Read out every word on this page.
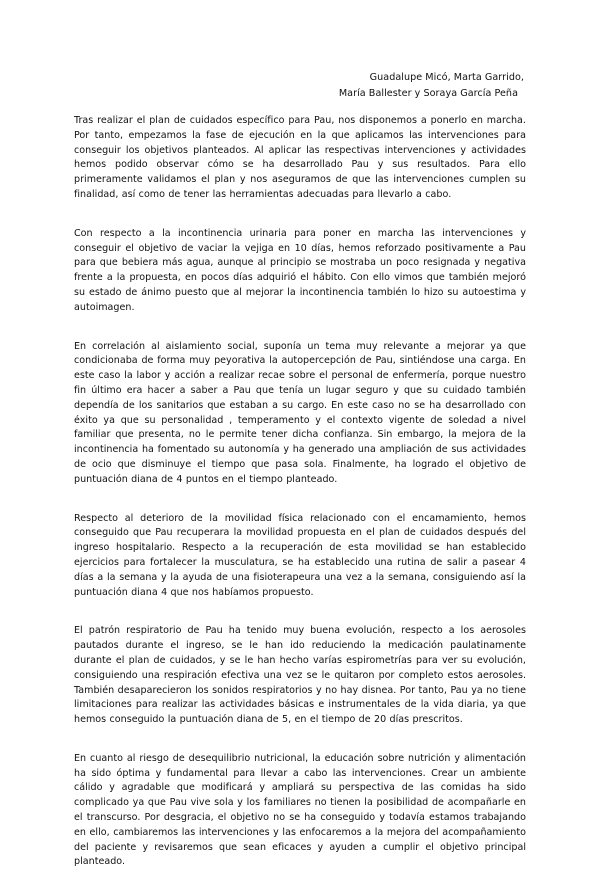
Guadalupe Micó, Marta Garrido,
María Ballester y Soraya García Peña

Tras realizar el plan de cuidados específico para Pau, nos disponemos a ponerlo en marcha. Por tanto, empezamos la fase de ejecución en la que aplicamos las intervenciones para conseguir los objetivos planteados. Al aplicar las respectivas intervenciones y actividades hemos podido observar cómo se ha desarrollado Pau y sus resultados. Para ello primeramente validamos el plan y nos aseguramos de que las intervenciones cumplen su finalidad, así como de tener las herramientas adecuadas para llevarlo a cabo.

Con respecto a la incontinencia urinaria para poner en marcha las intervenciones y conseguir el objetivo de vaciar la vejiga en 10 días, hemos reforzado positivamente a Pau para que bebiera más agua, aunque al principio se mostraba un poco resignada y negativa frente a la propuesta, en pocos días adquirió el hábito. Con ello vimos que también mejoró su estado de ánimo puesto que al mejorar la incontinencia también lo hizo su autoestima y autoimagen.

En correlación al aislamiento social, suponía un tema muy relevante a mejorar ya que condicionaba de forma muy peyorativa la autopercepción de Pau, sintiéndose una carga. En este caso la labor y acción a realizar recae sobre el personal de enfermería, porque nuestro fin último era hacer a saber a Pau que tenía un lugar seguro y que su cuidado también dependía de los sanitarios que estaban a su cargo. En este caso no se ha desarrollado con éxito ya que su personalidad , temperamento y el contexto vigente de soledad a nivel familiar que presenta, no le permite tener dicha confianza. Sin embargo, la mejora de la incontinencia ha fomentado su autonomía y ha generado una ampliación de sus actividades de ocio que disminuye el tiempo que pasa sola. Finalmente, ha logrado el objetivo de puntuación diana de 4 puntos en el tiempo planteado.

Respecto al deterioro de la movilidad física relacionado con el encamamiento, hemos conseguido que Pau recuperara la movilidad propuesta en el plan de cuidados después del ingreso hospitalario. Respecto a la recuperación de esta movilidad se han establecido ejercicios para fortalecer la musculatura, se ha establecido una rutina de salir a pasear 4 días a la semana y la ayuda de una fisioterapeura una vez a la semana, consiguiendo así la puntuación diana 4 que nos habíamos propuesto.

El patrón respiratorio de Pau ha tenido muy buena evolución, respecto a los aerosoles pautados durante el ingreso, se le han ido reduciendo la medicación paulatinamente durante el plan de cuidados, y se le han hecho varías espirometrías para ver su evolución, consiguiendo una respiración efectiva una vez se le quitaron por completo estos aerosoles. También desaparecieron los sonidos respiratorios y no hay disnea. Por tanto, Pau ya no tiene limitaciones para realizar las actividades básicas e instrumentales de la vida diaria, ya que hemos conseguido la puntuación diana de 5, en el tiempo de 20 días prescritos.

En cuanto al riesgo de desequilibrio nutricional, la educación sobre nutrición y alimentación ha sido óptima y fundamental para llevar a cabo las intervenciones. Crear un ambiente cálido y agradable que modificará y ampliará su perspectiva de las comidas ha sido complicado ya que Pau vive sola y los familiares no tienen la posibilidad de acompañarle en el transcurso. Por desgracia, el objetivo no se ha conseguido y todavía estamos trabajando en ello, cambiaremos las intervenciones y las enfocaremos a la mejora del acompañamiento del paciente y revisaremos que sean eficaces y ayuden a cumplir el objetivo principal planteado.
